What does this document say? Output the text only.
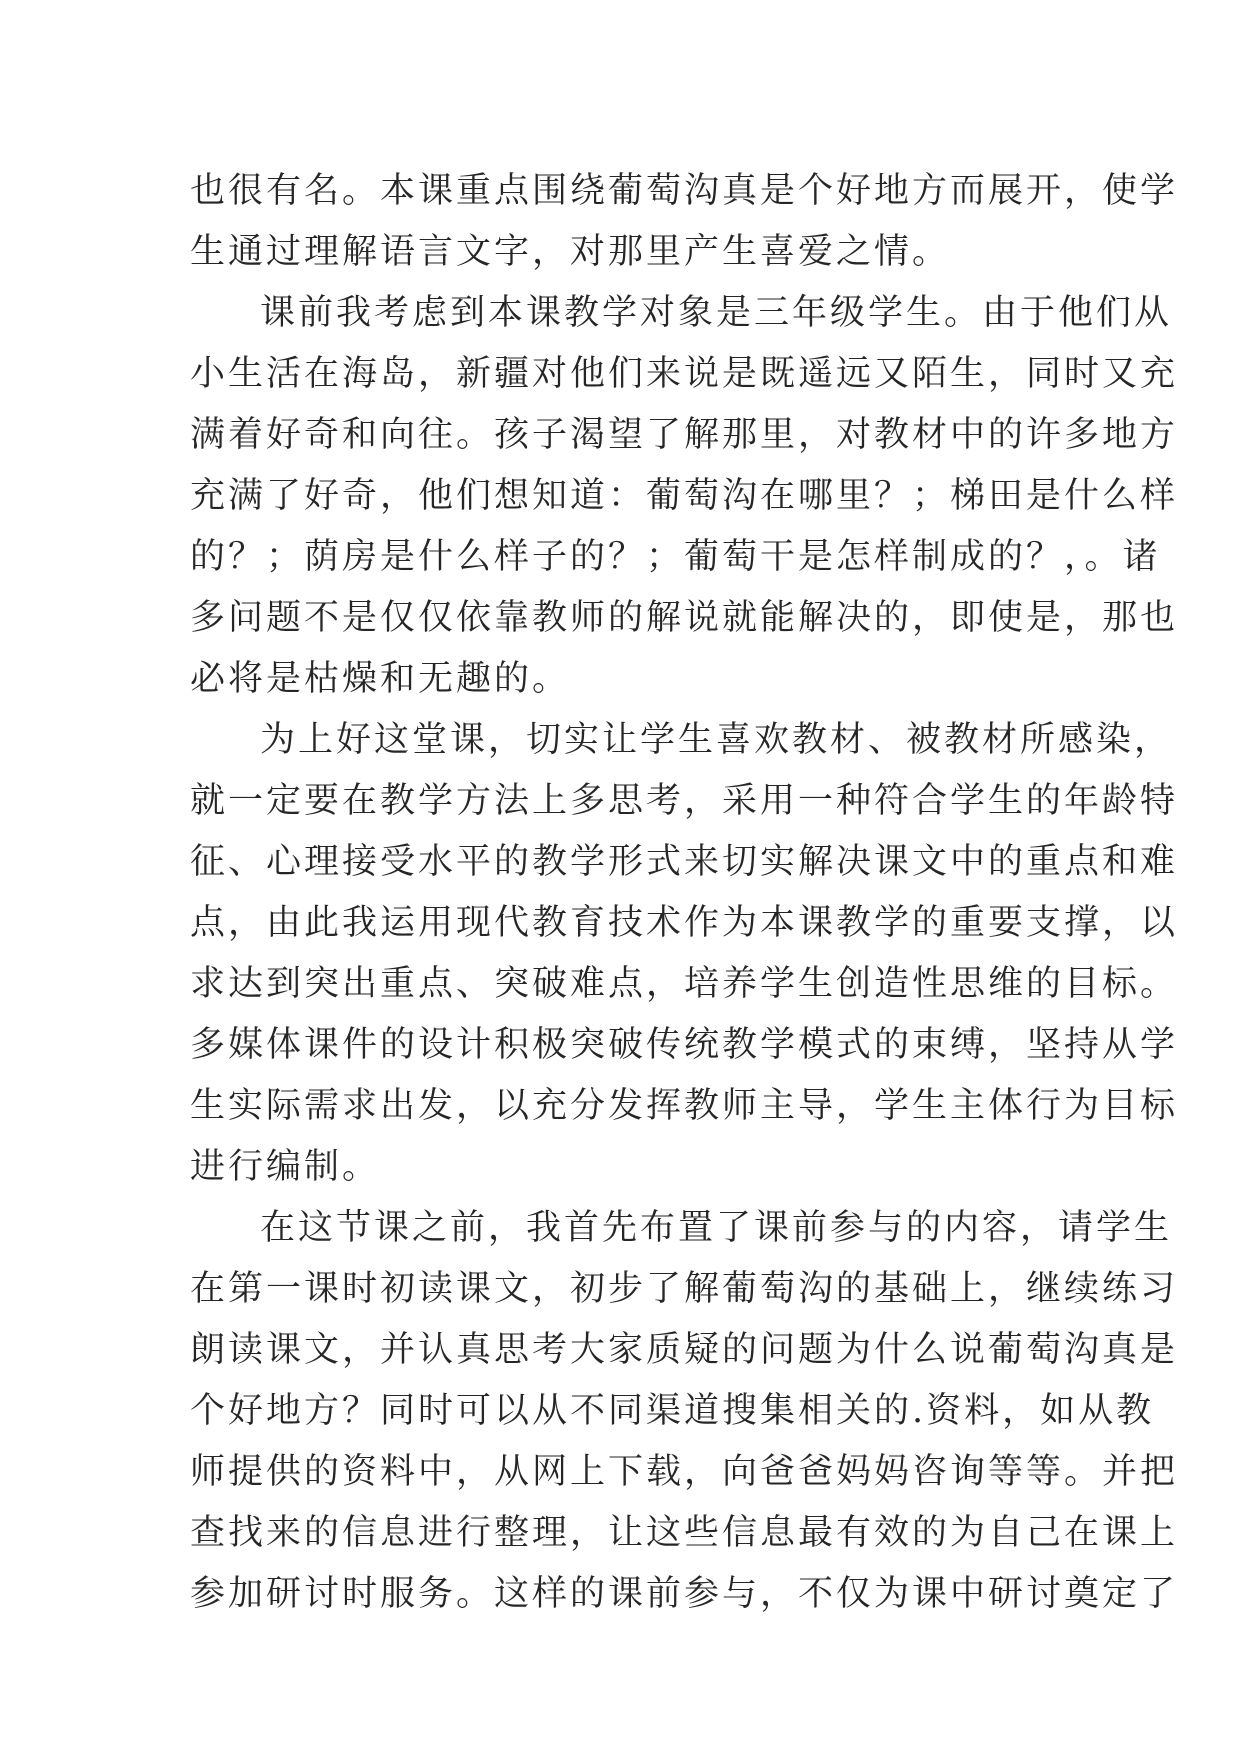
也很有名。本课重点围绕葡萄沟真是个好地方而展开，使学
生通过理解语言文字，对那里产生喜爱之情。
课前我考虑到本课教学对象是三年级学生。由于他们从
小生活在海岛，新疆对他们来说是既遥远又陌生，同时又充
满着好奇和向往。孩子渴望了解那里，对教材中的许多地方
充满了好奇，他们想知道：葡萄沟在哪里？；梯田是什么样
的？；荫房是什么样子的？；葡萄干是怎样制成的？，。诸
多问题不是仅仅依靠教师的解说就能解决的，即使是，那也
必将是枯燥和无趣的。
为上好这堂课，切实让学生喜欢教材、被教材所感染，
就一定要在教学方法上多思考，采用一种符合学生的年龄特
征、心理接受水平的教学形式来切实解决课文中的重点和难
点，由此我运用现代教育技术作为本课教学的重要支撑，以
求达到突出重点、突破难点，培养学生创造性思维的目标。
多媒体课件的设计积极突破传统教学模式的束缚，坚持从学
生实际需求出发，以充分发挥教师主导，学生主体行为目标
进行编制。
在这节课之前，我首先布置了课前参与的内容，请学生
在第一课时初读课文，初步了解葡萄沟的基础上，继续练习
朗读课文，并认真思考大家质疑的问题为什么说葡萄沟真是
个好地方？同时可以从不同渠道搜集相关的.资料，如从教
师提供的资料中，从网上下载，向爸爸妈妈咨询等等。并把
查找来的信息进行整理，让这些信息最有效的为自己在课上
参加研讨时服务。这样的课前参与，不仅为课中研讨奠定了
